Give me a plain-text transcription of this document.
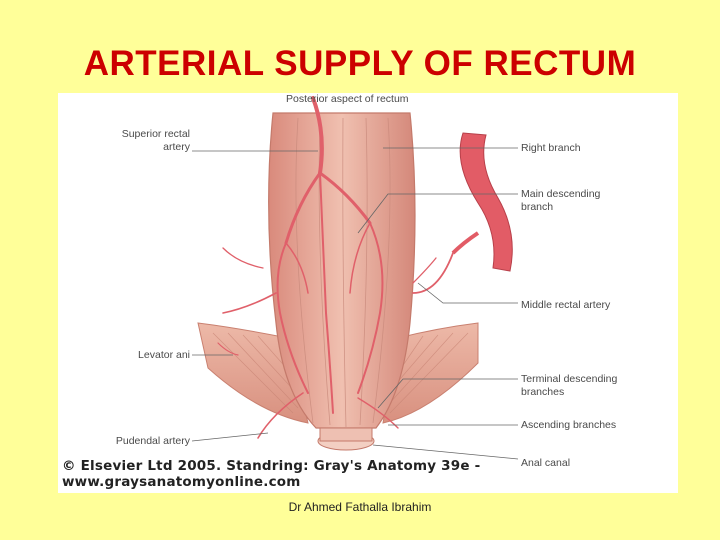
ARTERIAL SUPPLY OF RECTUM
Posterior aspect of rectum
Superior rectal
artery
Levator ani
Pudendal artery
Right branch
Main descending
branch
Middle rectal artery
Terminal descending
branches
Ascending branches
Anal canal
© Elsevier Ltd 2005. Standring: Gray's Anatomy 39e - www.graysanatomyonline.com
Dr Ahmed Fathalla Ibrahim
